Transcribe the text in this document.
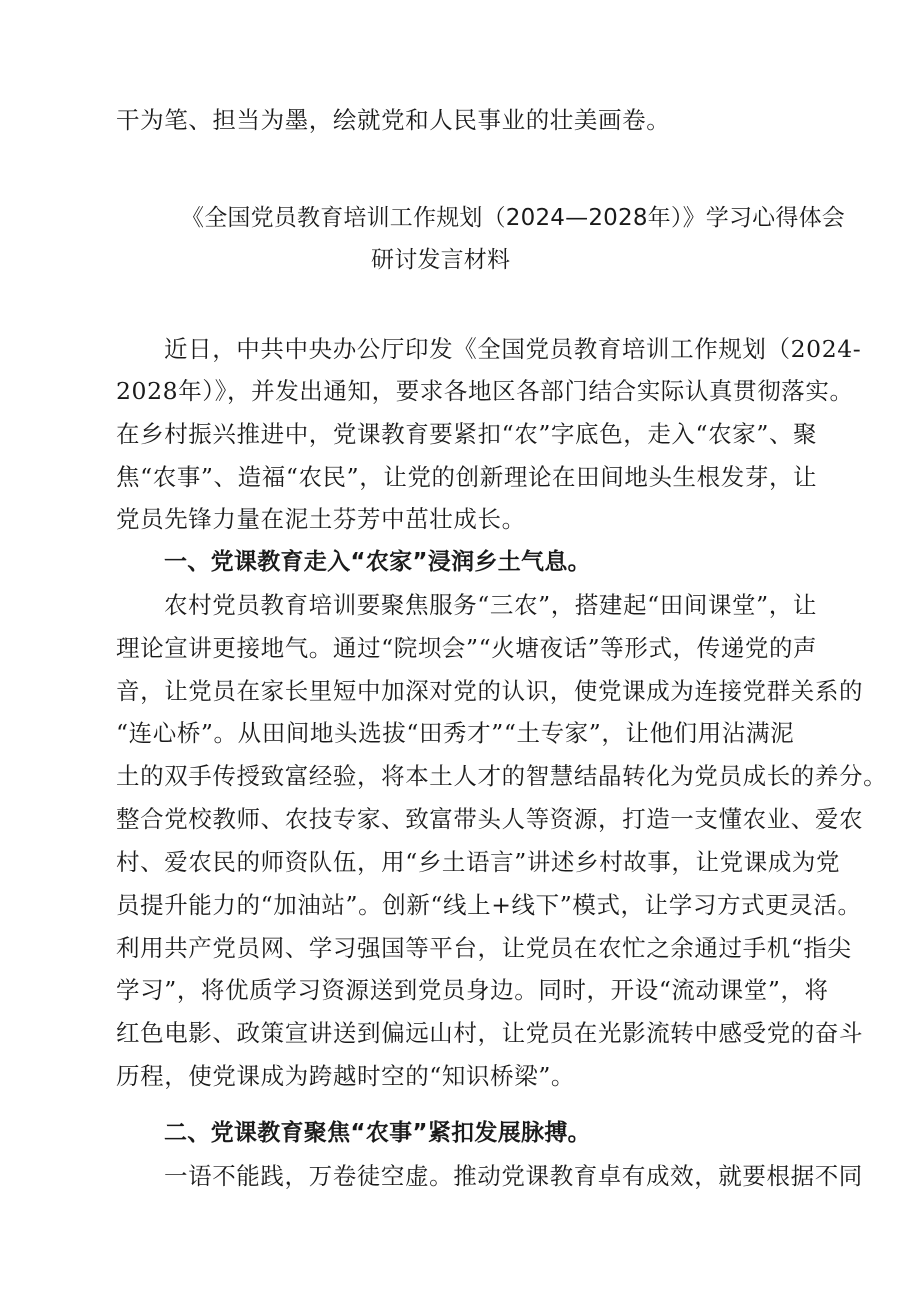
干为笔、担当为墨，绘就党和人民事业的壮美画卷。
《全国党员教育培训工作规划（2024—2028年）》学习心得体会
研讨发言材料
近日，中共中央办公厅印发《全国党员教育培训工作规划（2024-
2028年）》，并发出通知，要求各地区各部门结合实际认真贯彻落实。
在乡村振兴推进中，党课教育要紧扣“农”字底色，走入“农家”、聚
焦“农事”、造福“农民”，让党的创新理论在田间地头生根发芽，让
党员先锋力量在泥土芬芳中茁壮成长。
一、党课教育走入“农家”浸润乡土气息。
农村党员教育培训要聚焦服务“三农”，搭建起“田间课堂”，让
理论宣讲更接地气。通过“院坝会”“火塘夜话”等形式，传递党的声
音，让党员在家长里短中加深对党的认识，使党课成为连接党群关系的
“连心桥”。从田间地头选拔“田秀才”“土专家”，让他们用沾满泥
土的双手传授致富经验，将本土人才的智慧结晶转化为党员成长的养分。
整合党校教师、农技专家、致富带头人等资源，打造一支懂农业、爱农
村、爱农民的师资队伍，用“乡土语言”讲述乡村故事，让党课成为党
员提升能力的“加油站”。创新“线上+线下”模式，让学习方式更灵活。
利用共产党员网、学习强国等平台，让党员在农忙之余通过手机“指尖
学习”，将优质学习资源送到党员身边。同时，开设“流动课堂”，将
红色电影、政策宣讲送到偏远山村，让党员在光影流转中感受党的奋斗
历程，使党课成为跨越时空的“知识桥梁”。
二、党课教育聚焦“农事”紧扣发展脉搏。
一语不能践，万卷徒空虚。推动党课教育卓有成效，就要根据不同
